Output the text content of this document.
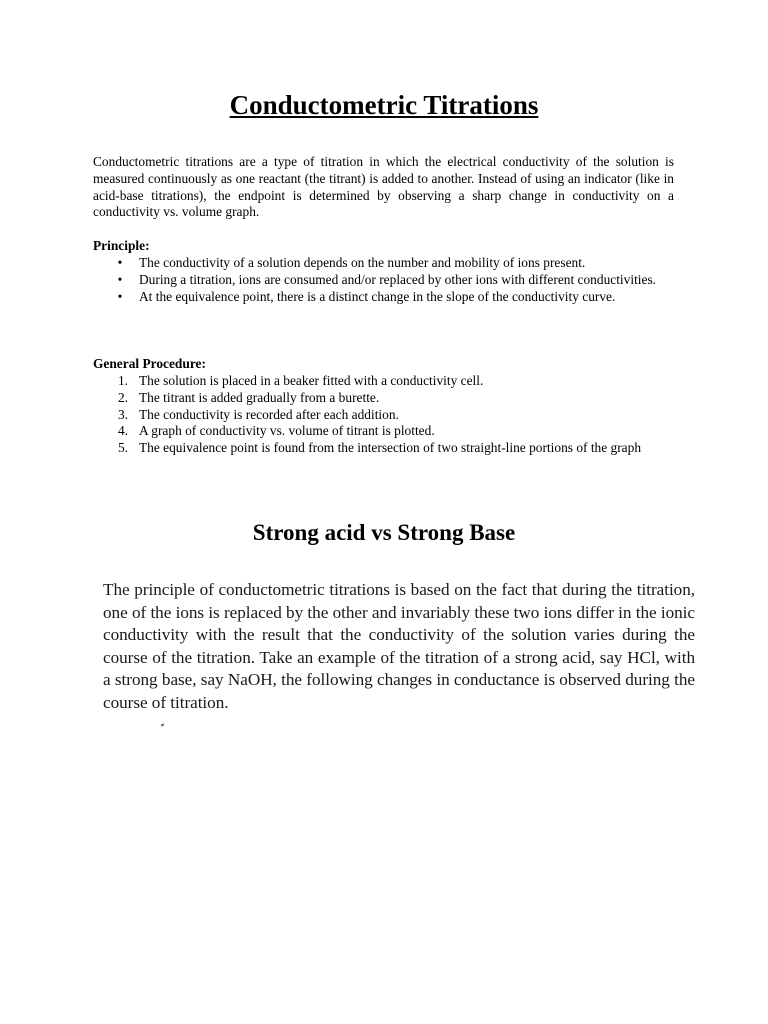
Conductometric Titrations

Conductometric titrations are a type of titration in which the electrical conductivity of the solution is measured continuously as one reactant (the titrant) is added to another. Instead of using an indicator (like in acid-base titrations), the endpoint is determined by observing a sharp change in conductivity on a conductivity vs. volume graph.

Principle:

• The conductivity of a solution depends on the number and mobility of ions present.
• During a titration, ions are consumed and/or replaced by other ions with different conductivities.
• At the equivalence point, there is a distinct change in the slope of the conductivity curve.

General Procedure:

1. The solution is placed in a beaker fitted with a conductivity cell.
2. The titrant is added gradually from a burette.
3. The conductivity is recorded after each addition.
4. A graph of conductivity vs. volume of titrant is plotted.
5. The equivalence point is found from the intersection of two straight-line portions of the graph
Strong acid vs Strong Base

The principle of conductometric titrations is based on the fact that during the titration, one of the ions is replaced by the other and invariably these two ions differ in the ionic conductivity with the result that the conductivity of the solution varies during the course of the titration. Take an example of the titration of a strong acid, say HCl, with a strong base, say NaOH, the following changes in conductance is observed during the course of titration.
